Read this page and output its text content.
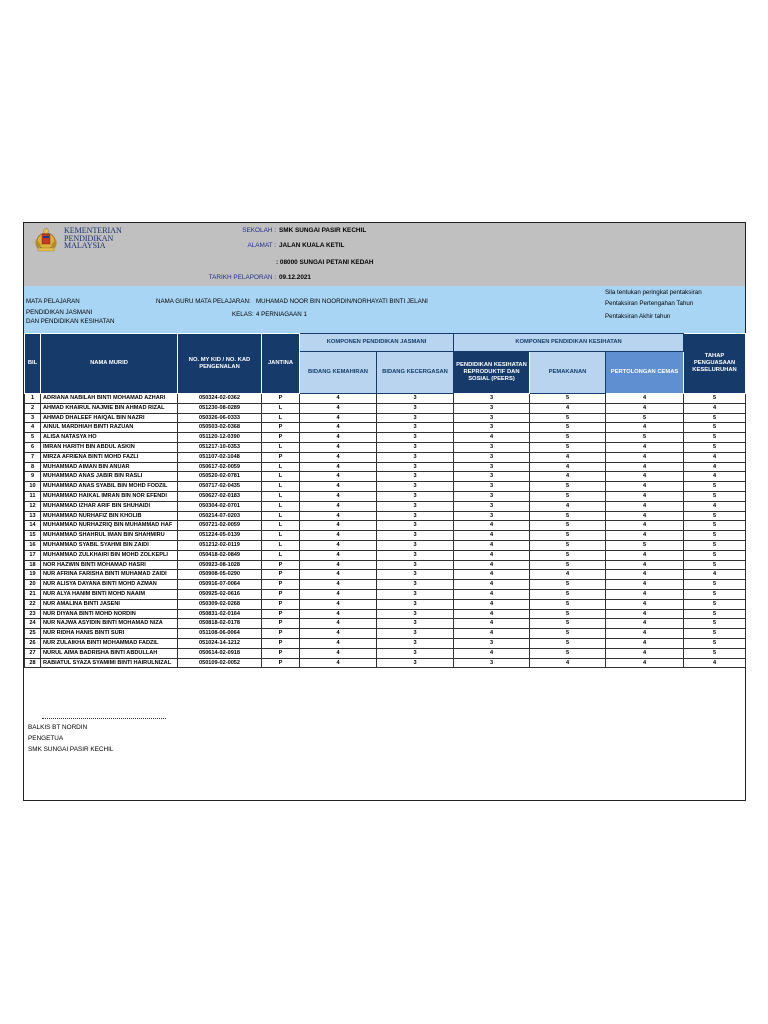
KEMENTERIAN
PENDIDIKAN
MALAYSIA
SEKOLAH : SMK SUNGAI PASIR KECHIL
ALAMAT : JALAN KUALA KETIL
: 08000 SUNGAI PETANI KEDAH
TARIKH PELAPORAN : 09.12.2021
MATA PELAJARAN
PENDIDIKAN JASMANI
DAN PENDIDIKAN KESIHATAN
NAMA GURU MATA PELAJARAN: MUHAMAD NOOR BIN NOORDIN/NORHAYATI BINTI JELANI
KELAS: 4 PERNIAGAAN 1
Sila tentukan peringkat pentaksiran
Pentaksiran Pertengahan Tahun
Pentaksiran Akhir tahun
BIL	NAMA MURID	NO. MY KID / NO. KAD PENGENALAN	JANTINA	KOMPONEN PENDIDIKAN JASMANI		KOMPONEN PENDIDIKAN KESIHATAN			TAHAP PENGUASAAN KESELURUHAN
				BIDANG KEMAHIRAN	BIDANG KECERGASAN	PENDIDIKAN KESIHATAN REPRODUKTIF DAN SOSIAL (PEERS)	PEMAKANAN	PERTOLONGAN CEMAS	
1	ADRIANA NABILAH BINTI MOHAMAD AZHARI	050324-02-0362	P	4	3	3	5	4	5
2	AHMAD KHAIRUL NAJMIE BIN AHMAD RIZAL	051230-08-0289	L	4	3	3	4	4	4
3	AHMAD DHALEEF HAIQAL BIN NAZRI	050326-06-0333	L	4	3	3	5	5	5
4	AINUL MARDHIAH BINTI RAZUAN	050503-02-0368	P	4	3	3	5	4	5
5	ALISA NATASYA HO	051120-12-0390	P	4	3	4	5	5	5
6	IMRAN HARITH BIN ABDUL ASKIN	051217-10-0353	L	4	3	3	5	4	5
7	MIRZA AFRIENA BINTI MOHD FAZLI	051107-02-1048	P	4	3	3	4	4	4
8	MUHAMMAD AIMAN BIN ANUAR	050617-02-0059	L	4	3	3	4	4	4
9	MUHAMMAD ANAS JABIR BIN RASLI	050520-02-0781	L	4	3	3	4	4	4
10	MUHAMMAD ANAS SYABIL BIN MOHD FODZIL	050717-02-0435	L	4	3	3	5	4	5
11	MUHAMMAD HAIKAL IMRAN BIN NOR EFENDI	050627-02-0183	L	4	3	3	5	4	5
12	MUHAMMAD IZHAR ARIF BIN SHUHAIDI	050304-02-0701	L	4	3	3	4	4	4
13	MUHAMMAD NURHAFIZ BIN KHOLIB	050214-07-0203	L	4	3	3	5	4	5
14	MUHAMMAD NURHAZRIQ BIN MUHAMMAD HAF	050721-02-0059	L	4	3	4	5	4	5
15	MUHAMMAD SHAHRUL IMAN BIN SHAHMIRU	051224-05-0139	L	4	3	4	5	4	5
16	MUHAMMAD SYABIL SYAHMI BIN ZAIDI	051212-02-0119	L	4	3	4	5	5	5
17	MUHAMMAD ZULKHAIRI BIN MOHD ZOLKEPLI	050418-02-0849	L	4	3	4	5	4	5
18	NOR HAZWIN BINTI MOHAMAD HASRI	050923-08-1028	P	4	3	4	5	4	5
19	NUR AFRINA FARISHA BINTI MUHAMAD ZAIDI	050908-05-0290	P	4	3	4	4	4	4
20	NUR ALISYA DAYANA BINTI MOHD AZMAN	050916-07-0064	P	4	3	4	5	4	5
21	NUR ALYA HANIM BINTI MOHD NAAIM	050925-02-0616	P	4	3	4	5	4	5
22	NUR AMALINA BINTI JASENI	050309-02-0268	P	4	3	4	5	4	5
23	NUR DIYANA BINTI MOHD NORDIN	050831-02-0164	P	4	3	4	5	4	5
24	NUR NAJWA ASYIDIN BINTI MOHAMAD NIZA	050818-02-0178	P	4	3	4	5	4	5
25	NUR RIDHA HANIS BINTI SURI	051108-06-0064	P	4	3	4	5	4	5
26	NUR ZULAIKHA BINTI MOHAMMAD FADZIL	051024-14-1212	P	4	3	3	5	4	5
27	NURUL AIMA BADRISHA BINTI ABDULLAH	050614-02-0918	P	4	3	4	5	4	5
28	RABIATUL SYAZA SYAMIMI BINTI HAIRULNIZAL	050109-02-0052	P	4	3	3	4	4	4
BALKIS BT NORDIN
PENGETUA
SMK SUNGAI PASIR KECHIL
